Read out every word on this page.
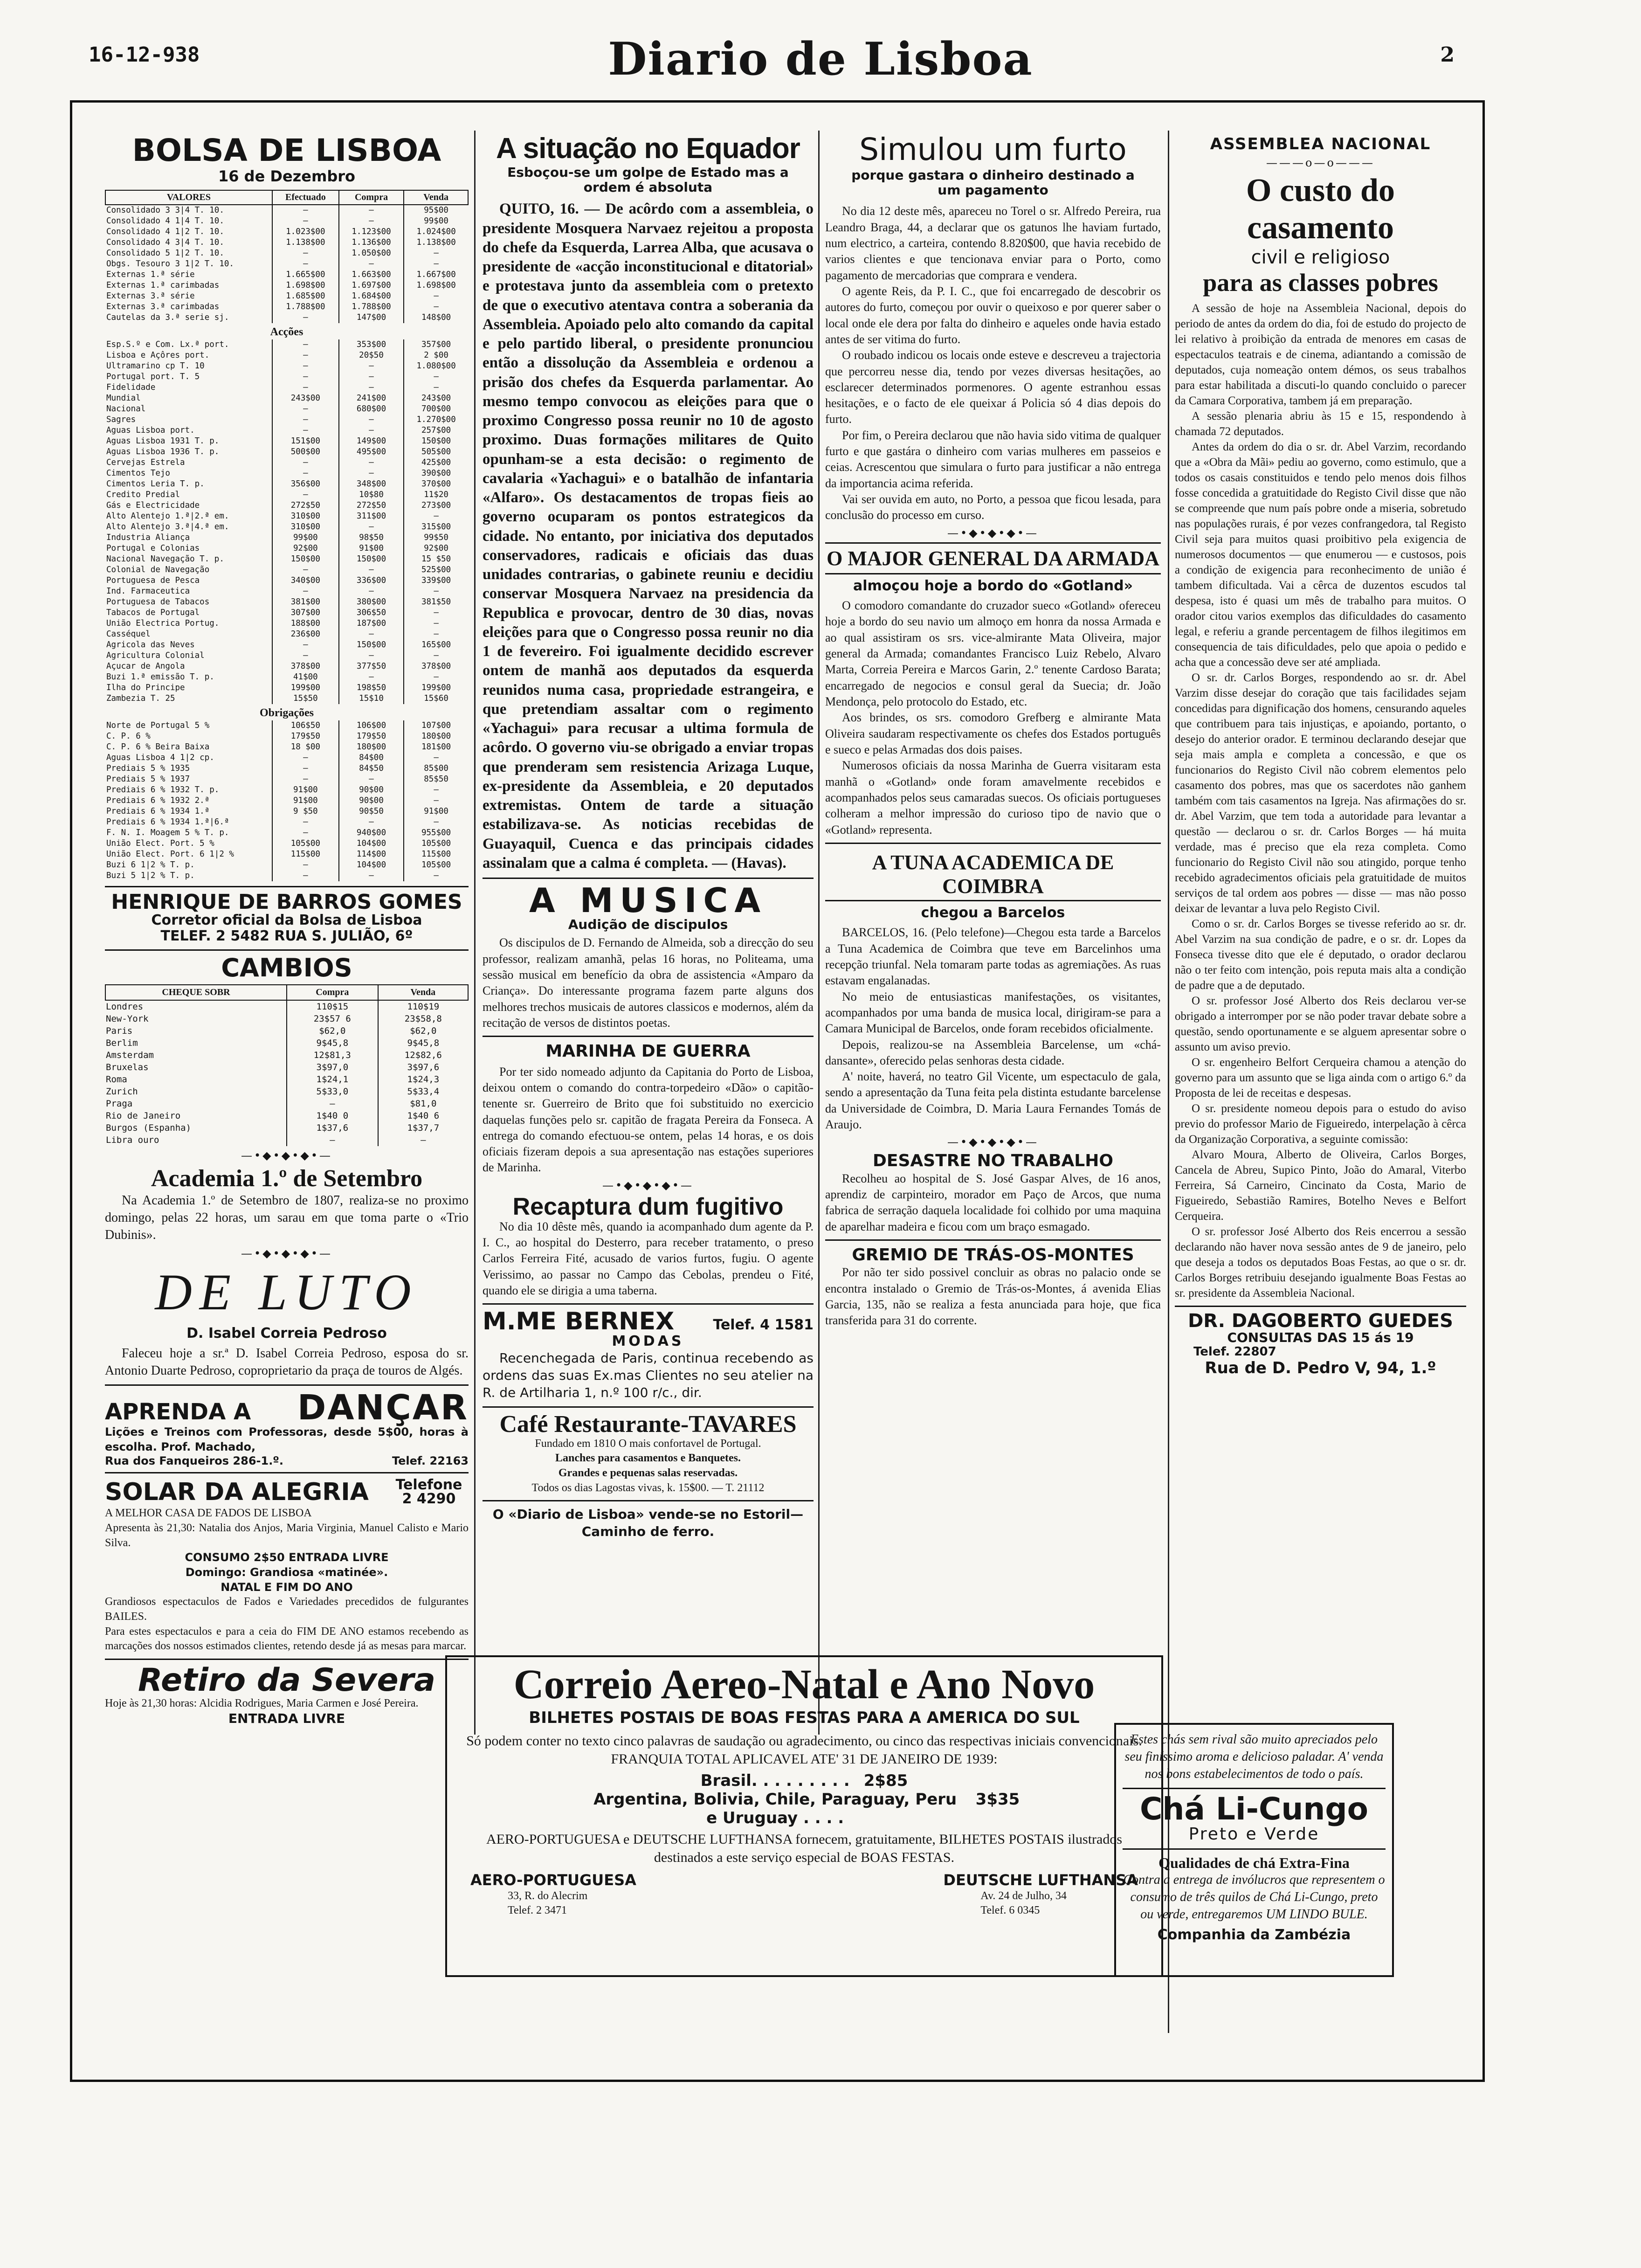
16-12-938	Diario de Lisboa	2
BOLSA DE LISBOA
16 de Dezembro
VALORES	Efectuado	Compra	Venda
Consolidado 3 3|4 T. 10.	—	—	95$00
Consolidado 4 1|4 T. 10.	—	—	99$00
Consolidado 4 1|2 T. 10.	1.023$00	1.123$00	1.024$00
Consolidado 4 3|4 T. 10.	1.138$00	1.136$00	1.138$00
Consolidado 5 1|2 T. 10.	—	1.050$00	—
Obgs. Tesouro 3 1|2 T. 10.	—	—	—
Externas 1.ª série	1.665$00	1.663$00	1.667$00
Externas 1.ª carimbadas	1.698$00	1.697$00	1.698$00
Externas 3.ª série	1.685$00	1.684$00	—
Externas 3.ª carimbadas	1.788$00	1.788$00	—
Cautelas da 3.ª serie sj.	—	147$00	148$00
Acções			
Esp.S.º e Com. Lx.ª port.	—	353$00	357$00
Lisboa e Açôres port.	—	20$50	2 $00
Ultramarino cp T. 10	—	—	1.080$00
Portugal port. T. 5	—	—	—
Fidelidade	—	—	—
Mundial	243$00	241$00	243$00
Nacional	—	680$00	700$00
Sagres	—	—	1.270$00
Aguas Lisboa port.	—	—	257$00
Aguas Lisboa 1931 T. p.	151$00	149$00	150$00
Aguas Lisboa 1936 T. p.	500$00	495$00	505$00
Cervejas Estrela	—	—	425$00
Cimentos Tejo	—	—	390$00
Cimentos Leria T. p.	356$00	348$00	370$00
Credito Predial	—	10$80	11$20
Gás e Electricidade	272$50	272$50	273$00
Alto Alentejo 1.ª|2.ª em.	310$00	311$00	—
Alto Alentejo 3.ª|4.ª em.	310$00	—	315$00
Industria Aliança	99$00	98$50	99$50
Portugal e Colonias	92$00	91$00	92$00
Nacional Navegação T. p.	150$00	150$00	15 $50
Colonial de Navegação	—	—	525$00
Portuguesa de Pesca	340$00	336$00	339$00
Ind. Farmaceutica	—	—	—
Portuguesa de Tabacos	381$00	380$00	381$50
Tabacos de Portugal	307$00	306$50	—
União Electrica Portug.	188$00	187$00	—
Casséquel	236$00	—	—
Agricola das Neves	—	150$00	165$00
Agricultura Colonial	—	—	—
Açucar de Angola	378$00	377$50	378$00
Buzi 1.ª emissão T. p.	41$00	—	—
Ilha do Principe	199$00	198$50	199$00
Zambezia T. 25	15$50	15$10	15$60
Obrigações			
Norte de Portugal 5 %	106$50	106$00	107$00
C. P. 6 %	179$50	179$50	180$00
C. P. 6 % Beira Baixa	18 $00	180$00	181$00
Aguas Lisboa 4 1|2 cp.	—	84$00	—
Prediais 5 % 1935	—	84$50	85$00
Prediais 5 % 1937	—	—	85$50
Prediais 6 % 1932 T. p.	91$00	90$00	—
Prediais 6 % 1932 2.ª	91$00	90$00	—
Prediais 6 % 1934 1.ª	9 $50	90$50	91$00
Prediais 6 % 1934 1.ª|6.ª	—	—	—
F. N. I. Moagem 5 % T. p.	—	940$00	955$00
União Elect. Port. 5 %	105$00	104$00	105$00
União Elect. Port. 6 1|2 %	115$00	114$00	115$00
Buzi 6 1|2 % T. p.	—	104$00	105$00
Buzi 5 1|2 % T. p.	—	—	—
HENRIQUE DE BARROS GOMES
Corretor oficial da Bolsa de Lisboa
TELEF. 2 5482 RUA S. JULIÃO, 6º
CAMBIOS
CHEQUE SOBR	Compra	Venda
Londres	110$15	110$19
New-York	23$57 6	23$58,8
Paris	$62,0	$62,0
Berlim	9$45,8	9$45,8
Amsterdam	12$81,3	12$82,6
Bruxelas	3$97,0	3$97,6
Roma	1$24,1	1$24,3
Zurich	5$33,0	5$33,4
Praga	—	$81,0
Rio de Janeiro	1$40 0	1$40 6
Burgos (Espanha)	1$37,6	1$37,7
Libra ouro	—	—
—•◆•◆•◆•—
Academia 1.º de Setembro

Na Academia 1.º de Setembro de 1807, realiza-se no proximo domingo, pelas 22 horas, um sarau em que toma parte o «Trio Dubinis».

—•◆•◆•◆•—
DE LUTO
D. Isabel Correia Pedroso

Faleceu hoje a sr.ª D. Isabel Correia Pedroso, esposa do sr. Antonio Duarte Pedroso, coproprietario da praça de touros de Algés.

APRENDA A DANÇAR

Lições e Treinos com Professoras, desde 5$00, horas à escolha. Prof. Machado,

Rua dos Fanqueiros 286-1.º.	Telef. 22163
SOLAR DA ALEGRIA	Telefone 2 4290

A MELHOR CASA DE FADOS DE LISBOA

Apresenta às 21,30: Natalia dos Anjos, Maria Virginia, Manuel Calisto e Mario Silva.

CONSUMO 2$50 ENTRADA LIVRE

Domingo: Grandiosa «matinée».

NATAL E FIM DO ANO

Grandiosos espectaculos de Fados e Variedades precedidos de fulgurantes BAILES.

Para estes espectaculos e para a ceia do FIM DE ANO estamos recebendo as marcações dos nossos estimados clientes, retendo desde já as mesas para marcar.

Retiro da Severa

Hoje às 21,30 horas: Alcidia Rodrigues, Maria Carmen e José Pereira.

ENTRADA LIVRE
A situação no Equador
Esboçou-se um golpe de Estado mas a ordem é absoluta

QUITO, 16. — De acôrdo com a assembleia, o presidente Mosquera Narvaez rejeitou a proposta do chefe da Esquerda, Larrea Alba, que acusava o presidente de «acção inconstitucional e ditatorial» e protestava junto da assembleia com o pretexto de que o executivo atentava contra a soberania da Assembleia. Apoiado pelo alto comando da capital e pelo partido liberal, o presidente pronunciou então a dissolução da Assembleia e ordenou a prisão dos chefes da Esquerda parlamentar. Ao mesmo tempo convocou as eleições para que o proximo Congresso possa reunir no 10 de agosto proximo. Duas formações militares de Quito opunham-se a esta decisão: o regimento de cavalaria «Yachagui» e o batalhão de infantaria «Alfaro». Os destacamentos de tropas fieis ao governo ocuparam os pontos estrategicos da cidade. No entanto, por iniciativa dos deputados conservadores, radicais e oficiais das duas unidades contrarias, o gabinete reuniu e decidiu conservar Mosquera Narvaez na presidencia da Republica e provocar, dentro de 30 dias, novas eleições para que o Congresso possa reunir no dia 1 de fevereiro. Foi igualmente decidido escrever ontem de manhã aos deputados da esquerda reunidos numa casa, propriedade estrangeira, e que pretendiam assaltar com o regimento «Yachagui» para recusar a ultima formula de acôrdo. O governo viu-se obrigado a enviar tropas que prenderam sem resistencia Arizaga Luque, ex-presidente da Assembleia, e 20 deputados extremistas. Ontem de tarde a situação estabilizava-se. As noticias recebidas de Guayaquil, Cuenca e das principais cidades assinalam que a calma é completa. — (Havas).

A MUSICA
Audição de discipulos

Os discipulos de D. Fernando de Almeida, sob a direcção do seu professor, realizam amanhã, pelas 16 horas, no Politeama, uma sessão musical em benefício da obra de assistencia «Amparo da Criança». Do interessante programa fazem parte alguns dos melhores trechos musicais de autores classicos e modernos, além da recitação de versos de distintos poetas.

MARINHA DE GUERRA

Por ter sido nomeado adjunto da Capitania do Porto de Lisboa, deixou ontem o comando do contra-torpedeiro «Dão» o capitão-tenente sr. Guerreiro de Brito que foi substituido no exercicio daquelas funções pelo sr. capitão de fragata Pereira da Fonseca. A entrega do comando efectuou-se ontem, pelas 14 horas, e os dois oficiais fizeram depois a sua apresentação nas estações superiores de Marinha.

—•◆•◆•◆•—
Recaptura dum fugitivo

No dia 10 dêste mês, quando ia acompanhado dum agente da P. I. C., ao hospital do Desterro, para receber tratamento, o preso Carlos Ferreira Fité, acusado de varios furtos, fugiu. O agente Verissimo, ao passar no Campo das Cebolas, prendeu o Fité, quando ele se dirigia a uma taberna.

M.ME BERNEX	Telef. 4 1581
MODAS

Recenchegada de Paris, continua recebendo as ordens das suas Ex.mas Clientes no seu atelier na R. de Artilharia 1, n.º 100 r/c., dir.

Café Restaurante-TAVARES

Fundado em 1810 O mais confortavel de Portugal.

Lanches para casamentos e Banquetes.

Grandes e pequenas salas reservadas.

Todos os dias Lagostas vivas, k. 15$00. — T. 21112

O «Diario de Lisboa» vende-se no Estoril—Caminho de ferro.

Simulou um furto
porque gastara o dinheiro destinado a um pagamento

No dia 12 deste mês, apareceu no Torel o sr. Alfredo Pereira, rua Leandro Braga, 44, a declarar que os gatunos lhe haviam furtado, num electrico, a carteira, contendo 8.820$00, que havia recebido de varios clientes e que tencionava enviar para o Porto, como pagamento de mercadorias que comprara e vendera.

O agente Reis, da P. I. C., que foi encarregado de descobrir os autores do furto, começou por ouvir o queixoso e por querer saber o local onde ele dera por falta do dinheiro e aqueles onde havia estado antes de ser vitima do furto.

O roubado indicou os locais onde esteve e descreveu a trajectoria que percorreu nesse dia, tendo por vezes diversas hesitações, ao esclarecer determinados pormenores. O agente estranhou essas hesitações, e o facto de ele queixar á Policia só 4 dias depois do furto.

Por fim, o Pereira declarou que não havia sido vitima de qualquer furto e que gastára o dinheiro com varias mulheres em passeios e ceias. Acrescentou que simulara o furto para justificar a não entrega da importancia acima referida.

Vai ser ouvida em auto, no Porto, a pessoa que ficou lesada, para conclusão do processo em curso.

—•◆•◆•◆•—
O MAJOR GENERAL DA ARMADA
almoçou hoje a bordo do «Gotland»

O comodoro comandante do cruzador sueco «Gotland» ofereceu hoje a bordo do seu navio um almoço em honra da nossa Armada e ao qual assistiram os srs. vice-almirante Mata Oliveira, major general da Armada; comandantes Francisco Luiz Rebelo, Alvaro Marta, Correia Pereira e Marcos Garin, 2.º tenente Cardoso Barata; encarregado de negocios e consul geral da Suecia; dr. João Mendonça, pelo protocolo do Estado, etc.

Aos brindes, os srs. comodoro Grefberg e almirante Mata Oliveira saudaram respectivamente os chefes dos Estados português e sueco e pelas Armadas dos dois paises.

Numerosos oficiais da nossa Marinha de Guerra visitaram esta manhã o «Gotland» onde foram amavelmente recebidos e acompanhados pelos seus camaradas suecos. Os oficiais portugueses colheram a melhor impressão do curioso tipo de navio que o «Gotland» representa.

A TUNA ACADEMICA DE COIMBRA
chegou a Barcelos

BARCELOS, 16. (Pelo telefone)—Chegou esta tarde a Barcelos a Tuna Academica de Coimbra que teve em Barcelinhos uma recepção triunfal. Nela tomaram parte todas as agremiações. As ruas estavam engalanadas.

No meio de entusiasticas manifestações, os visitantes, acompanhados por uma banda de musica local, dirigiram-se para a Camara Municipal de Barcelos, onde foram recebidos oficialmente.

Depois, realizou-se na Assembleia Barcelense, um «chá-dansante», oferecido pelas senhoras desta cidade.

A' noite, haverá, no teatro Gil Vicente, um espectaculo de gala, sendo a apresentação da Tuna feita pela distinta estudante barcelense da Universidade de Coimbra, D. Maria Laura Fernandes Tomás de Araujo.

—•◆•◆•◆•—
DESASTRE NO TRABALHO

Recolheu ao hospital de S. José Gaspar Alves, de 16 anos, aprendiz de carpinteiro, morador em Paço de Arcos, que numa fabrica de serração daquela localidade foi colhido por uma maquina de aparelhar madeira e ficou com um braço esmagado.

GREMIO DE TRÁS-OS-MONTES

Por não ter sido possivel concluir as obras no palacio onde se encontra instalado o Gremio de Trás-os-Montes, á avenida Elias Garcia, 135, não se realiza a festa anunciada para hoje, que fica transferida para 31 do corrente.

ASSEMBLEA NACIONAL
———o—o———
O custo do casamento
civil e religioso
para as classes pobres

A sessão de hoje na Assembleia Nacional, depois do periodo de antes da ordem do dia, foi de estudo do projecto de lei relativo à proibição da entrada de menores em casas de espectaculos teatrais e de cinema, adiantando a comissão de deputados, cuja nomeação ontem démos, os seus trabalhos para estar habilitada a discuti-lo quando concluido o parecer da Camara Corporativa, tambem já em preparação.

A sessão plenaria abriu às 15 e 15, respondendo à chamada 72 deputados.

Antes da ordem do dia o sr. dr. Abel Varzim, recordando que a «Obra da Mãi» pediu ao governo, como estimulo, que a todos os casais constituidos e tendo pelo menos dois filhos fosse concedida a gratuitidade do Registo Civil disse que não se compreende que num país pobre onde a miseria, sobretudo nas populações rurais, é por vezes confrangedora, tal Registo Civil seja para muitos quasi proibitivo pela exigencia de numerosos documentos — que enumerou — e custosos, pois a condição de exigencia para reconhecimento de união é tambem dificultada. Vai a cêrca de duzentos escudos tal despesa, isto é quasi um mês de trabalho para muitos. O orador citou varios exemplos das dificuldades do casamento legal, e referiu a grande percentagem de filhos ilegitimos em consequencia de tais dificuldades, pelo que apoia o pedido e acha que a concessão deve ser até ampliada.

O sr. dr. Carlos Borges, respondendo ao sr. dr. Abel Varzim disse desejar do coração que tais facilidades sejam concedidas para dignificação dos homens, censurando aqueles que contribuem para tais injustiças, e apoiando, portanto, o desejo do anterior orador. E terminou declarando desejar que seja mais ampla e completa a concessão, e que os funcionarios do Registo Civil não cobrem elementos pelo casamento dos pobres, mas que os sacerdotes não ganhem também com tais casamentos na Igreja. Nas afirmações do sr. dr. Abel Varzim, que tem toda a autoridade para levantar a questão — declarou o sr. dr. Carlos Borges — há muita verdade, mas é preciso que ela reza completa. Como funcionario do Registo Civil não sou atingido, porque tenho recebido agradecimentos oficiais pela gratuitidade de muitos serviços de tal ordem aos pobres — disse — mas não posso deixar de levantar a luva pelo Registo Civil.

Como o sr. dr. Carlos Borges se tivesse referido ao sr. dr. Abel Varzim na sua condição de padre, e o sr. dr. Lopes da Fonseca tivesse dito que ele é deputado, o orador declarou não o ter feito com intenção, pois reputa mais alta a condição de padre que a de deputado.

O sr. professor José Alberto dos Reis declarou ver-se obrigado a interromper por se não poder travar debate sobre a questão, sendo oportunamente e se alguem apresentar sobre o assunto um aviso previo.

O sr. engenheiro Belfort Cerqueira chamou a atenção do governo para um assunto que se liga ainda com o artigo 6.º da Proposta de lei de receitas e despesas.

O sr. presidente nomeou depois para o estudo do aviso previo do professor Mario de Figueiredo, interpelação à cêrca da Organização Corporativa, a seguinte comissão:

Alvaro Moura, Alberto de Oliveira, Carlos Borges, Cancela de Abreu, Supico Pinto, João do Amaral, Viterbo Ferreira, Sá Carneiro, Cincinato da Costa, Mario de Figueiredo, Sebastião Ramires, Botelho Neves e Belfort Cerqueira.

O sr. professor José Alberto dos Reis encerrou a sessão declarando não haver nova sessão antes de 9 de janeiro, pelo que deseja a todos os deputados Boas Festas, ao que o sr. dr. Carlos Borges retribuiu desejando igualmente Boas Festas ao sr. presidente da Assembleia Nacional.

DR. DAGOBERTO GUEDES
CONSULTAS DAS 15 ás 19
Telef. 22807
Rua de D. Pedro V, 94, 1.º
Correio Aereo-Natal e Ano Novo
BILHETES POSTAIS DE BOAS FESTAS PARA A AMERICA DO SUL

Só podem conter no texto cinco palavras de saudação ou agradecimento, ou cinco das respectivas iniciais convencionais.

FRANQUIA TOTAL APLICAVEL ATE' 31 DE JANEIRO DE 1939:

Brasil. . . . . . . . . 2$85
Argentina, Bolivia, Chile, Paraguay, Peru e Uruguay . . . .
3$35

AERO-PORTUGUESA e DEUTSCHE LUFTHANSA fornecem, gratuitamente, BILHETES POSTAIS ilustrados destinados a este serviço especial de BOAS FESTAS.

AERO-PORTUGUESA
33, R. do Alecrim
Telef. 2 3471
DEUTSCHE LUFTHANSA
Av. 24 de Julho, 34
Telef. 6 0345

Estes chás sem rival são muito apreciados pelo seu finíssimo aroma e delicioso paladar. A' venda nos bons estabelecimentos de todo o país.

Chá Li-Cungo
Preto e Verde
Qualidades de chá Extra-Fina

Contra a entrega de invólucros que representem o consumo de três quilos de Chá Li-Cungo, preto ou verde, entregaremos UM LINDO BULE.

Companhia da Zambézia
